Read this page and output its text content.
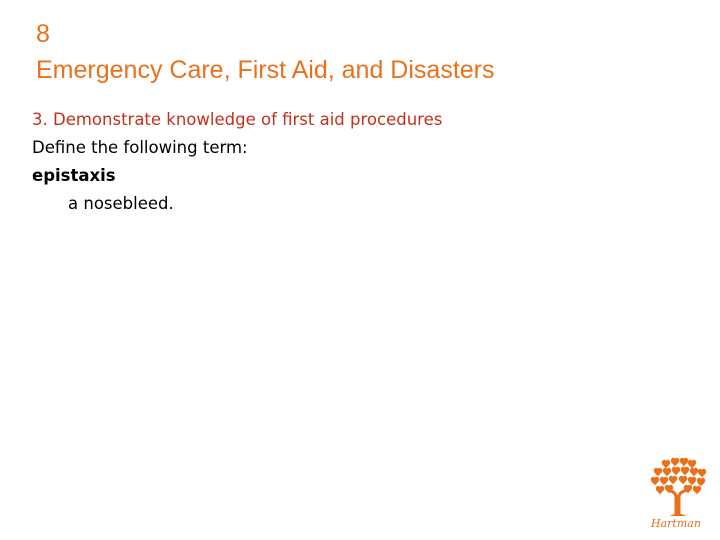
8
Emergency Care, First Aid, and Disasters
3. Demonstrate knowledge of first aid procedures
Define the following term:
epistaxis
a nosebleed.
Hartman
